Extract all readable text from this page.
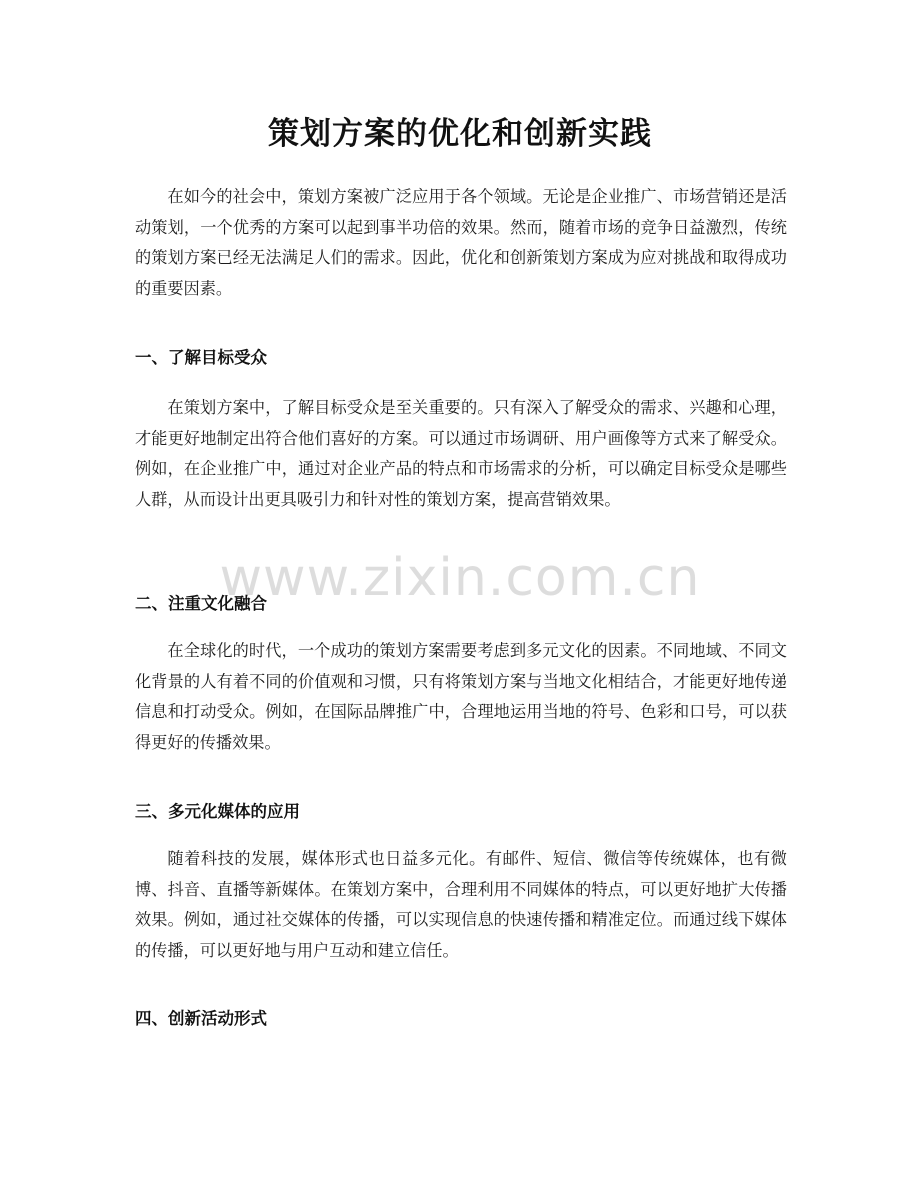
策划方案的优化和创新实践

在如今的社会中，策划方案被广泛应用于各个领域。无论是企业推广、市场营销还是活动策划，一个优秀的方案可以起到事半功倍的效果。然而，随着市场的竞争日益激烈，传统的策划方案已经无法满足人们的需求。因此，优化和创新策划方案成为应对挑战和取得成功的重要因素。

一、了解目标受众

在策划方案中，了解目标受众是至关重要的。只有深入了解受众的需求、兴趣和心理，才能更好地制定出符合他们喜好的方案。可以通过市场调研、用户画像等方式来了解受众。例如，在企业推广中，通过对企业产品的特点和市场需求的分析，可以确定目标受众是哪些人群，从而设计出更具吸引力和针对性的策划方案，提高营销效果。

二、注重文化融合

在全球化的时代，一个成功的策划方案需要考虑到多元文化的因素。不同地域、不同文化背景的人有着不同的价值观和习惯，只有将策划方案与当地文化相结合，才能更好地传递信息和打动受众。例如，在国际品牌推广中，合理地运用当地的符号、色彩和口号，可以获得更好的传播效果。

三、多元化媒体的应用

随着科技的发展，媒体形式也日益多元化。有邮件、短信、微信等传统媒体，也有微博、抖音、直播等新媒体。在策划方案中，合理利用不同媒体的特点，可以更好地扩大传播效果。例如，通过社交媒体的传播，可以实现信息的快速传播和精准定位。而通过线下媒体的传播，可以更好地与用户互动和建立信任。

四、创新活动形式
www.zixin.com.cn
